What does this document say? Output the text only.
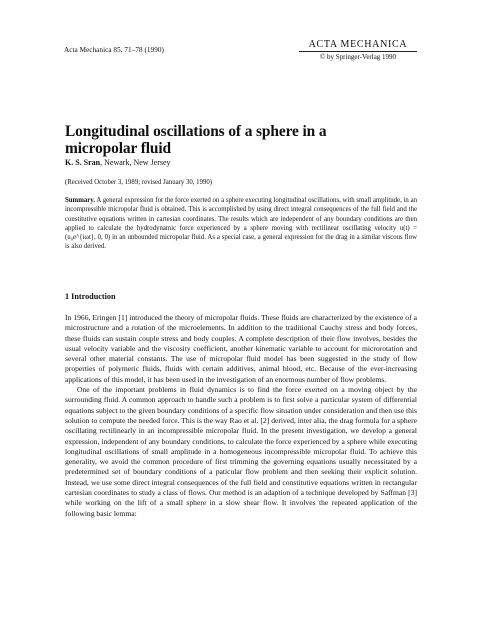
Acta Mechanica 85, 71–78 (1990)	ACTA MECHANICA
© by Springer-Verlag 1990
Longitudinal oscillations of a sphere in a micropolar fluid
K. S. Sran, Newark, New Jersey
(Received October 3, 1989; revised January 30, 1990)
Summary. A general expression for the force exerted on a sphere executing longitudinal oscillations, with small amplitude, in an incompressible micropolar fluid is obtained. This is accomplished by using direct integral consequences of the full field and the constitutive equations written in cartesian coordinates. The results which are independent of any boundary conditions are then applied to calculate the hydrodynamic force experienced by a sphere moving with rectilinear oscillating velocity u(t) = (u₀e^{iωt}, 0, 0) in an unbounded micropolar fluid. As a special case, a general expression for the drag in a similar viscous flow is also derived.
1 Introduction

In 1966, Eringen [1] introduced the theory of micropolar fluids. These fluids are characterized by the existence of a microstructure and a rotation of the microelements. In addition to the traditional Cauchy stress and body forces, these fluids can sustain couple stress and body couples. A complete description of their flow involves, besides the usual velocity variable and the viscosity coefficient, another kinematic variable to account for microrotation and several other material constants. The use of micropolar fluid model has been suggested in the study of flow properties of polymeric fluids, fluids with certain additives, animal blood, etc. Because of the ever-increasing applications of this model, it has been used in the investigation of an enormous number of flow problems.

One of the important problems in fluid dynamics is to find the force exerted on a moving object by the surrounding fluid. A common approach to handle such a problem is to first solve a particular system of differential equations subject to the given boundary conditions of a specific flow situation under consideration and then use this solution to compute the needed force. This is the way Rao et al. [2] derived, inter alia, the drag formula for a sphere oscillating rectilinearly in an incompressible micropolar fluid. In the present investigation, we develop a general expression, independent of any boundary conditions, to calculate the force experienced by a sphere while executing longitudinal oscillations of small amplitude in a homogeneous incompressible micropolar fluid. To achieve this generality, we avoid the common procedure of first trimming the governing equations usually necessitated by a predetermined set of boundary conditions of a paticular flow problem and then seeking their explicit solution. Instead, we use some direct integral consequences of the full field and constitutive equations written in rectangular cartesian coordinates to study a class of flows. Our method is an adaption of a technique developed by Saffman [3] while working on the lift of a small sphere in a slow shear flow. It involves the repeated application of the following basic lemma:
